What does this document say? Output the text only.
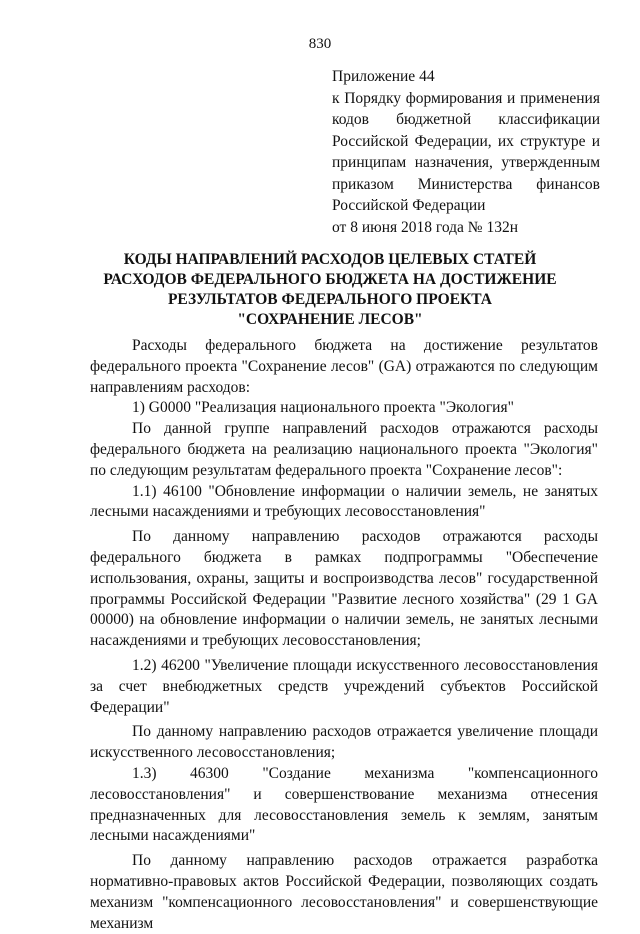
830
Приложение 44
к Порядку формирования и применения кодов бюджетной классификации Российской Федерации, их структуре и принципам назначения, утвержденным приказом Министерства финансов Российской Федерации
от 8 июня 2018 года № 132н
КОДЫ НАПРАВЛЕНИЙ РАСХОДОВ ЦЕЛЕВЫХ СТАТЕЙ
РАСХОДОВ ФЕДЕРАЛЬНОГО БЮДЖЕТА НА ДОСТИЖЕНИЕ
РЕЗУЛЬТАТОВ ФЕДЕРАЛЬНОГО ПРОЕКТА
"СОХРАНЕНИЕ ЛЕСОВ"

Расходы федерального бюджета на достижение результатов федерального проекта "Сохранение лесов" (GA) отражаются по следующим направлениям расходов:

1) G0000 "Реализация национального проекта "Экология"

По данной группе направлений расходов отражаются расходы федерального бюджета на реализацию национального проекта "Экология" по следующим результатам федерального проекта "Сохранение лесов":

1.1) 46100 "Обновление информации о наличии земель, не занятых лесными насаждениями и требующих лесовосстановления"

По данному направлению расходов отражаются расходы федерального бюджета в рамках подпрограммы "Обеспечение использования, охраны, защиты и воспроизводства лесов" государственной программы Российской Федерации "Развитие лесного хозяйства" (29 1 GA 00000) на обновление информации о наличии земель, не занятых лесными насаждениями и требующих лесовосстановления;

1.2) 46200 "Увеличение площади искусственного лесовосстановления за счет внебюджетных средств учреждений субъектов Российской Федерации"

По данному направлению расходов отражается увеличение площади искусственного лесовосстановления;

1.3) 46300 "Создание механизма "компенсационного лесовосстановления" и совершенствование механизма отнесения предназначенных для лесовосстановления земель к землям, занятым лесными насаждениями"

По данному направлению расходов отражается разработка нормативно-правовых актов Российской Федерации, позволяющих создать механизм "компенсационного лесовосстановления" и совершенствующие механизм
